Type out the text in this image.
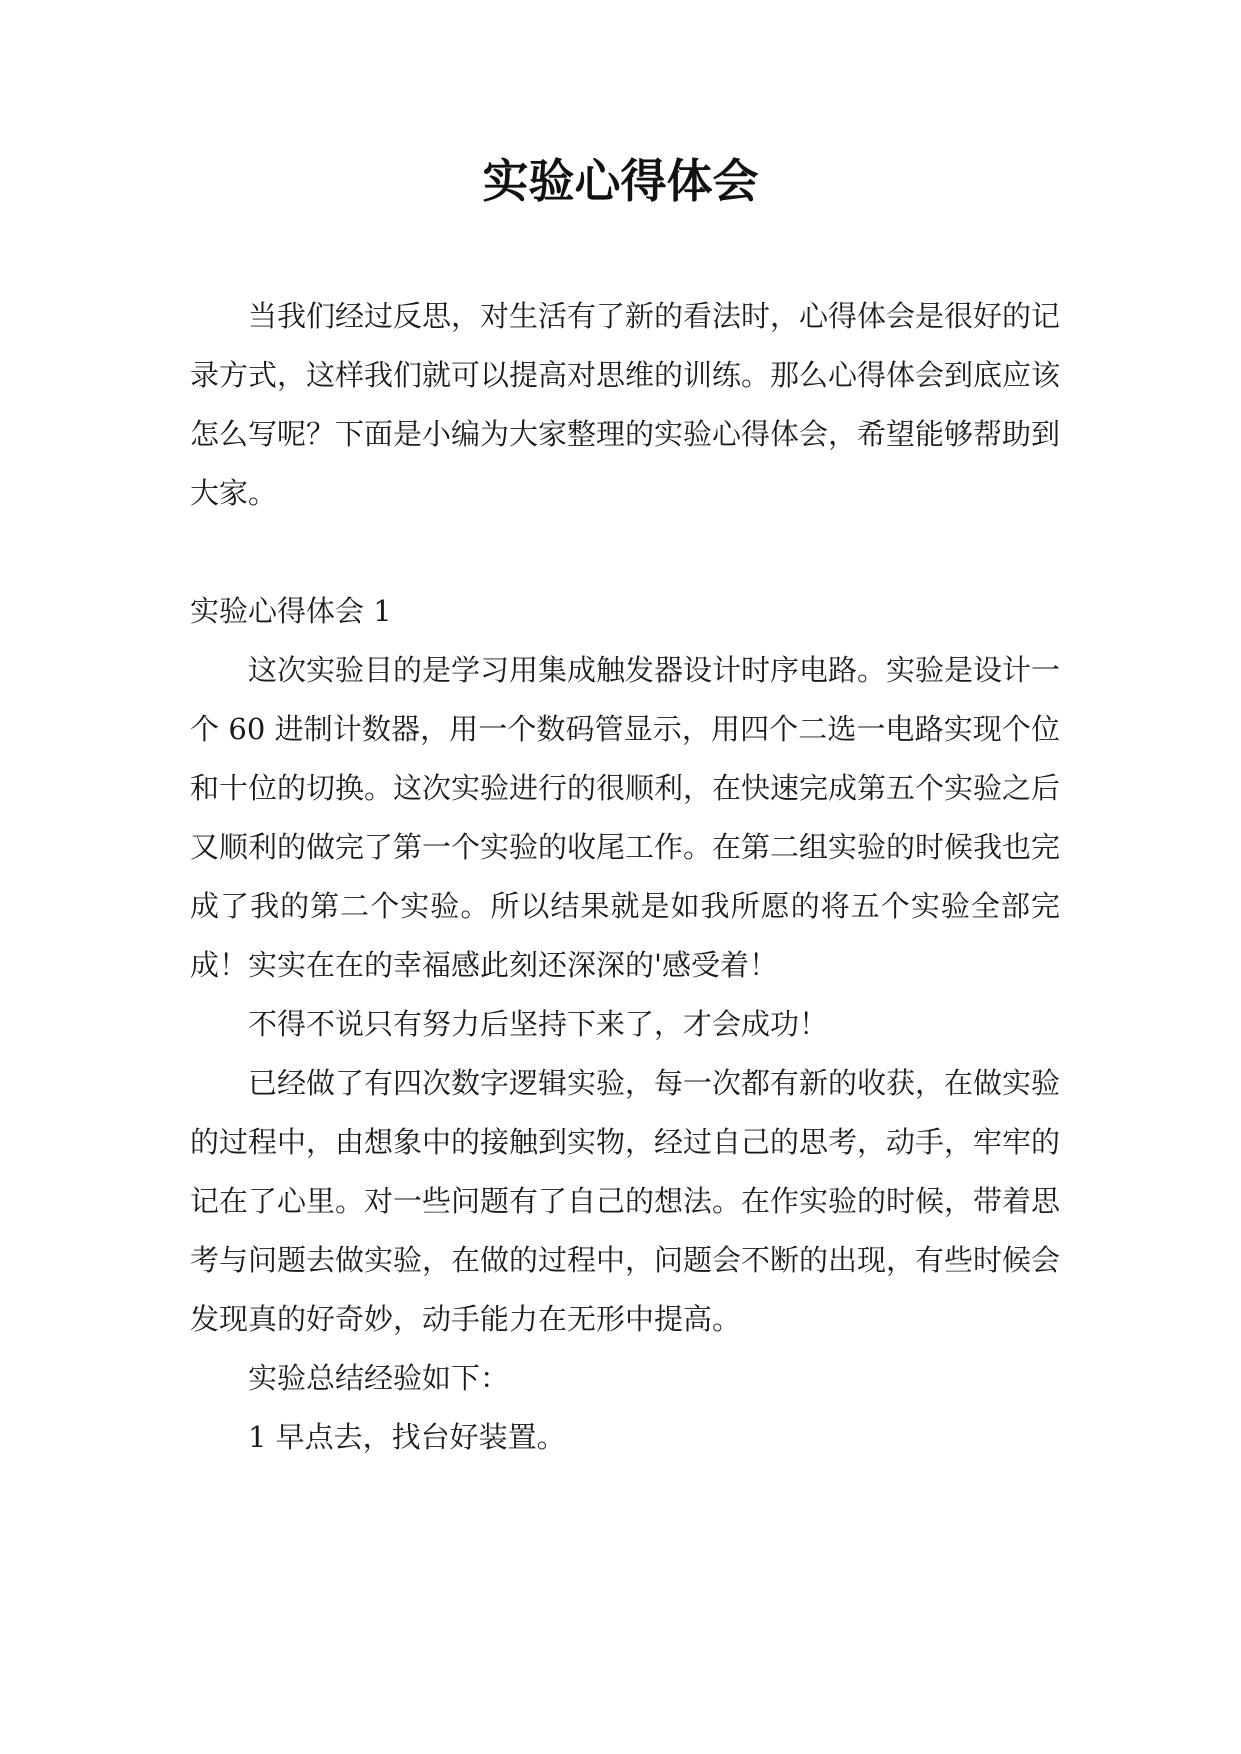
实验心得体会

当我们经过反思，对生活有了新的看法时，心得体会是很好的记录方式，这样我们就可以提高对思维的训练。那么心得体会到底应该怎么写呢？下面是小编为大家整理的实验心得体会，希望能够帮助到大家。

实验心得体会 1

这次实验目的是学习用集成触发器设计时序电路。实验是设计一个 60 进制计数器，用一个数码管显示，用四个二选一电路实现个位和十位的切换。这次实验进行的很顺利，在快速完成第五个实验之后又顺利的做完了第一个实验的收尾工作。在第二组实验的时候我也完成了我的第二个实验。所以结果就是如我所愿的将五个实验全部完成！实实在在的幸福感此刻还深深的'感受着！

不得不说只有努力后坚持下来了，才会成功！

已经做了有四次数字逻辑实验，每一次都有新的收获，在做实验的过程中，由想象中的接触到实物，经过自己的思考，动手，牢牢的记在了心里。对一些问题有了自己的想法。在作实验的时候，带着思考与问题去做实验，在做的过程中，问题会不断的出现，有些时候会发现真的好奇妙，动手能力在无形中提高。

实验总结经验如下：

1 早点去，找台好装置。
